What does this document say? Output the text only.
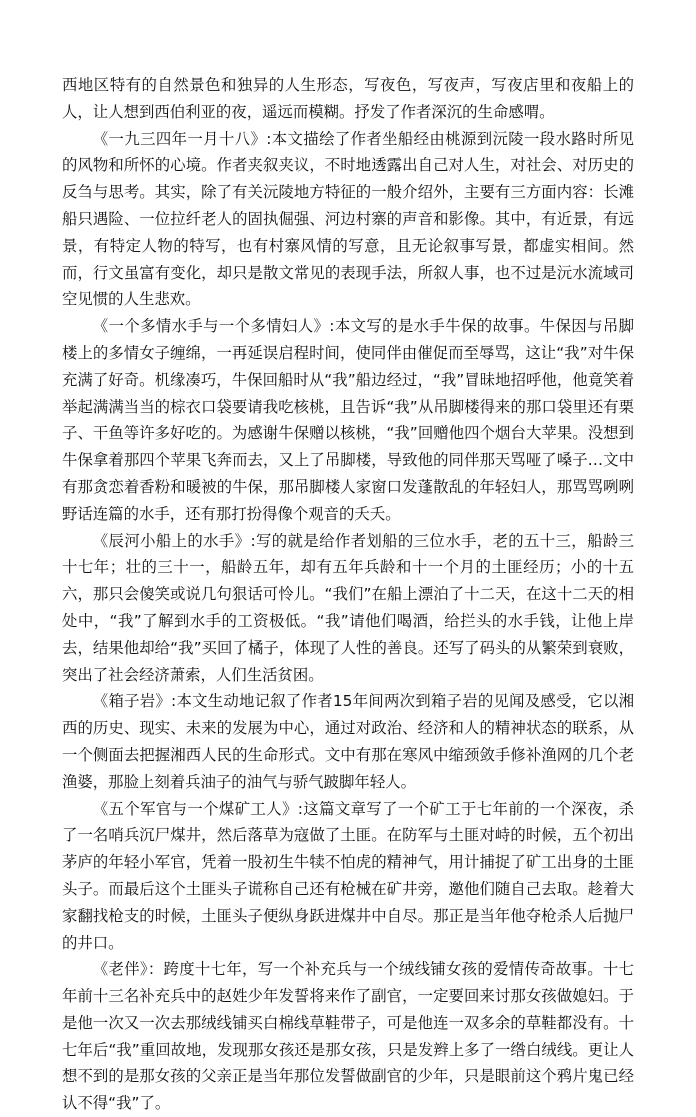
西地区特有的自然景色和独异的人生形态，写夜色，写夜声，写夜店里和夜船上的人，让人想到西伯利亚的夜，遥远而模糊。抒发了作者深沉的生命感喟。

《一九三四年一月十八》:本文描绘了作者坐船经由桃源到沅陵一段水路时所见的风物和所怀的心境。作者夹叙夹议，不时地透露出自己对人生，对社会、对历史的反刍与思考。其实，除了有关沅陵地方特征的一般介绍外，主要有三方面内容：长滩船只遇险、一位拉纤老人的固执倔强、河边村寨的声音和影像。其中，有近景，有远景，有特定人物的特写，也有村寨风情的写意，且无论叙事写景，都虚实相间。然而，行文虽富有变化，却只是散文常见的表现手法，所叙人事，也不过是沅水流域司空见惯的人生悲欢。

《一个多情水手与一个多情妇人》:本文写的是水手牛保的故事。牛保因与吊脚楼上的多情女子缠绵，一再延误启程时间，使同伴由催促而至辱骂，这让“我”对牛保充满了好奇。机缘凑巧，牛保回船时从“我”船边经过，“我”冒昧地招呼他，他竟笑着举起满满当当的棕衣口袋要请我吃核桃，且告诉“我”从吊脚楼得来的那口袋里还有栗子、干鱼等许多好吃的。为感谢牛保赠以核桃，“我”回赠他四个烟台大苹果。没想到牛保拿着那四个苹果飞奔而去，又上了吊脚楼，导致他的同伴那天骂哑了嗓子…文中有那贪恋着香粉和暖被的牛保，那吊脚楼人家窗口发蓬散乱的年轻妇人，那骂骂咧咧野话连篇的水手，还有那打扮得像个观音的夭夭。

《辰河小船上的水手》:写的就是给作者划船的三位水手，老的五十三，船龄三十七年；壮的三十一，船龄五年，却有五年兵龄和十一个月的土匪经历；小的十五六，那只会傻笑或说几句狠话可怜儿。“我们”在船上漂泊了十二天，在这十二天的相处中，“我”了解到水手的工资极低。“我”请他们喝酒，给拦头的水手钱，让他上岸去，结果他却给“我”买回了橘子，体现了人性的善良。还写了码头的从繁荣到衰败，突出了社会经济萧索，人们生活贫困。

《箱子岩》:本文生动地记叙了作者15年间两次到箱子岩的见闻及感受，它以湘西的历史、现实、未来的发展为中心，通过对政治、经济和人的精神状态的联系，从一个侧面去把握湘西人民的生命形式。文中有那在寒风中缩颈敛手修补渔网的几个老渔婆，那脸上刻着兵油子的油气与骄气跛脚年轻人。

《五个军官与一个煤矿工人》:这篇文章写了一个矿工于七年前的一个深夜，杀了一名哨兵沉尸煤井，然后落草为寇做了土匪。在防军与土匪对峙的时候，五个初出茅庐的年轻小军官，凭着一股初生牛犊不怕虎的精神气，用计捕捉了矿工出身的土匪头子。而最后这个土匪头子谎称自己还有枪械在矿井旁，邀他们随自己去取。趁着大家翻找枪支的时候，土匪头子便纵身跃进煤井中自尽。那正是当年他夺枪杀人后抛尸的井口。

《老伴》：跨度十七年，写一个补充兵与一个绒线铺女孩的爱情传奇故事。十七年前十三名补充兵中的赵姓少年发誓将来作了副官，一定要回来讨那女孩做媳妇。于是他一次又一次去那绒线铺买白棉线草鞋带子，可是他连一双多余的草鞋都没有。十七年后“我”重回故地，发现那女孩还是那女孩，只是发辫上多了一绺白绒线。更让人想不到的是那女孩的父亲正是当年那位发誓做副官的少年，只是眼前这个鸦片鬼已经认不得“我”了。
